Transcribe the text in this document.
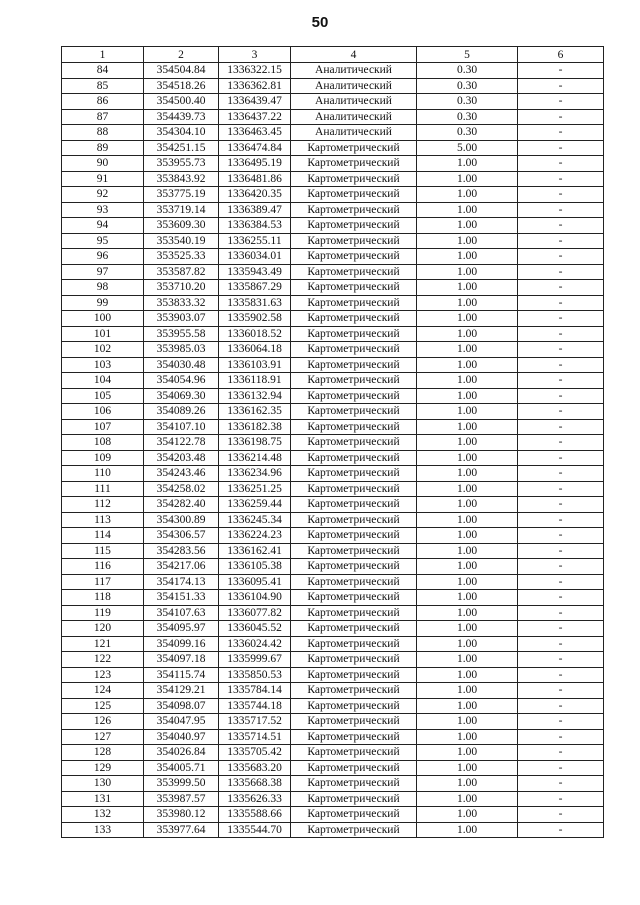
50
1	2	3	4	5	6
84	354504.84	1336322.15	Аналитический	0.30	-
85	354518.26	1336362.81	Аналитический	0.30	-
86	354500.40	1336439.47	Аналитический	0.30	-
87	354439.73	1336437.22	Аналитический	0.30	-
88	354304.10	1336463.45	Аналитический	0.30	-
89	354251.15	1336474.84	Картометрический	5.00	-
90	353955.73	1336495.19	Картометрический	1.00	-
91	353843.92	1336481.86	Картометрический	1.00	-
92	353775.19	1336420.35	Картометрический	1.00	-
93	353719.14	1336389.47	Картометрический	1.00	-
94	353609.30	1336384.53	Картометрический	1.00	-
95	353540.19	1336255.11	Картометрический	1.00	-
96	353525.33	1336034.01	Картометрический	1.00	-
97	353587.82	1335943.49	Картометрический	1.00	-
98	353710.20	1335867.29	Картометрический	1.00	-
99	353833.32	1335831.63	Картометрический	1.00	-
100	353903.07	1335902.58	Картометрический	1.00	-
101	353955.58	1336018.52	Картометрический	1.00	-
102	353985.03	1336064.18	Картометрический	1.00	-
103	354030.48	1336103.91	Картометрический	1.00	-
104	354054.96	1336118.91	Картометрический	1.00	-
105	354069.30	1336132.94	Картометрический	1.00	-
106	354089.26	1336162.35	Картометрический	1.00	-
107	354107.10	1336182.38	Картометрический	1.00	-
108	354122.78	1336198.75	Картометрический	1.00	-
109	354203.48	1336214.48	Картометрический	1.00	-
110	354243.46	1336234.96	Картометрический	1.00	-
111	354258.02	1336251.25	Картометрический	1.00	-
112	354282.40	1336259.44	Картометрический	1.00	-
113	354300.89	1336245.34	Картометрический	1.00	-
114	354306.57	1336224.23	Картометрический	1.00	-
115	354283.56	1336162.41	Картометрический	1.00	-
116	354217.06	1336105.38	Картометрический	1.00	-
117	354174.13	1336095.41	Картометрический	1.00	-
118	354151.33	1336104.90	Картометрический	1.00	-
119	354107.63	1336077.82	Картометрический	1.00	-
120	354095.97	1336045.52	Картометрический	1.00	-
121	354099.16	1336024.42	Картометрический	1.00	-
122	354097.18	1335999.67	Картометрический	1.00	-
123	354115.74	1335850.53	Картометрический	1.00	-
124	354129.21	1335784.14	Картометрический	1.00	-
125	354098.07	1335744.18	Картометрический	1.00	-
126	354047.95	1335717.52	Картометрический	1.00	-
127	354040.97	1335714.51	Картометрический	1.00	-
128	354026.84	1335705.42	Картометрический	1.00	-
129	354005.71	1335683.20	Картометрический	1.00	-
130	353999.50	1335668.38	Картометрический	1.00	-
131	353987.57	1335626.33	Картометрический	1.00	-
132	353980.12	1335588.66	Картометрический	1.00	-
133	353977.64	1335544.70	Картометрический	1.00	-
